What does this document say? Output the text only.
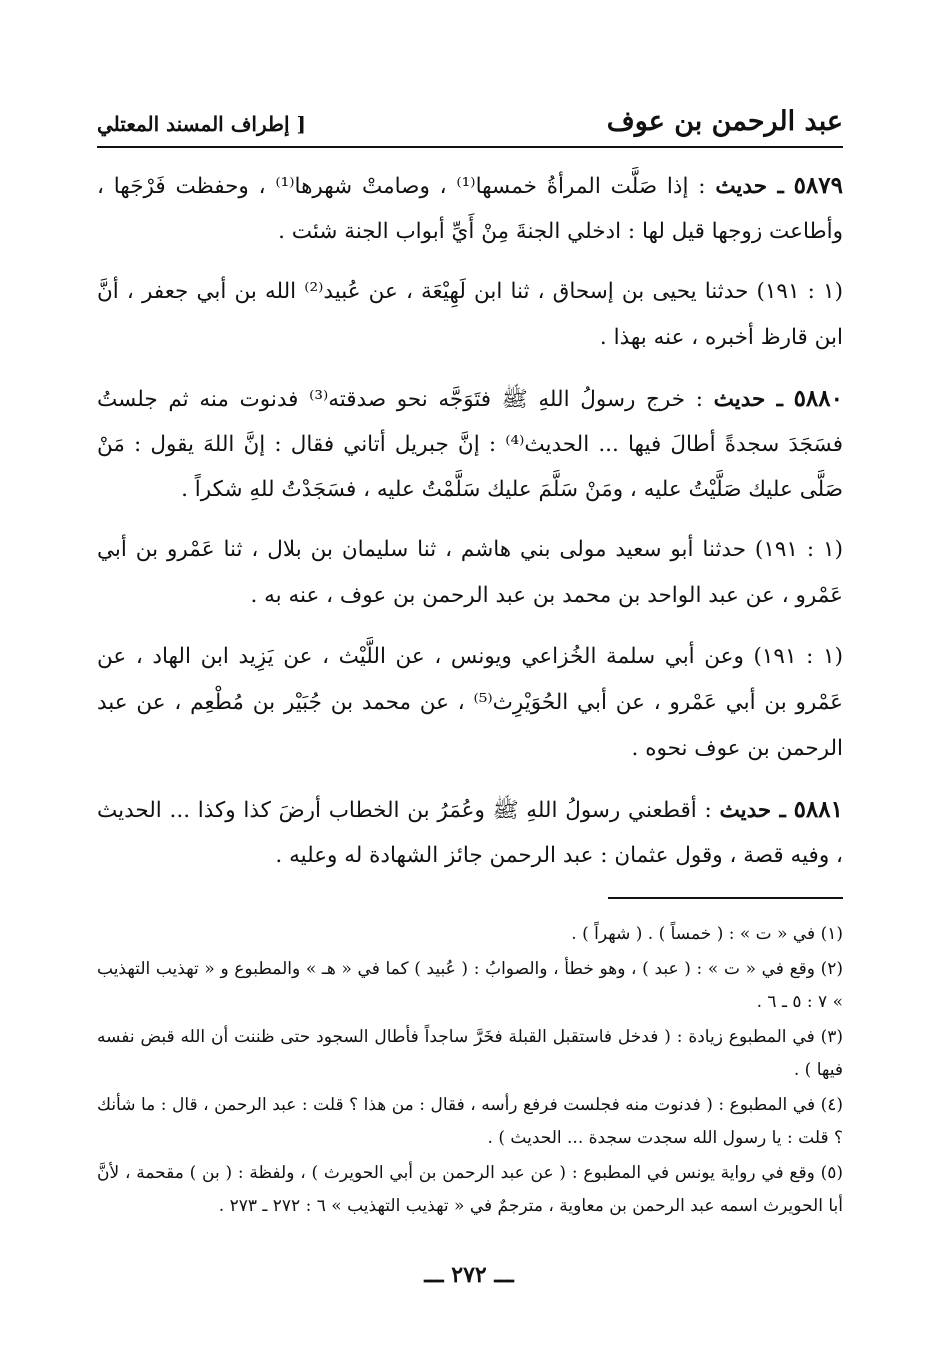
عبد الرحمن بن عوف
[ إطراف المسند المعتلي

٥٨٧٩ ـ حديث : إذا صَلَّت المرأةُ خمسها⁽¹⁾ ، وصامتْ شهرها⁽¹⁾ ، وحفظت فَرْجَها ، وأطاعت زوجها قيل لها : ادخلي الجنةَ مِنْ أَيِّ أبواب الجنة شئت .

(١ : ١٩١) حدثنا يحيى بن إسحاق ، ثنا ابن لَهِيْعَة ، عن عُبيد⁽²⁾ الله بن أبي جعفر ، أنَّ ابن قارظ أخبره ، عنه بهذا .

٥٨٨٠ ـ حديث : خرج رسولُ اللهِ ﷺ فتَوَجَّه نحو صدقته⁽³⁾ فدنوت منه ثم جلستُ فسَجَدَ سجدةً أطالَ فيها ... الحديث⁽⁴⁾ : إنَّ جبريل أتاني فقال : إنَّ اللهَ يقول : مَنْ صَلَّى عليك صَلَّيْتُ عليه ، ومَنْ سَلَّمَ عليك سَلَّمْتُ عليه ، فسَجَدْتُ للهِ شكراً .

(١ : ١٩١) حدثنا أبو سعيد مولى بني هاشم ، ثنا سليمان بن بلال ، ثنا عَمْرو بن أبي عَمْرو ، عن عبد الواحد بن محمد بن عبد الرحمن بن عوف ، عنه به .

(١ : ١٩١) وعن أبي سلمة الخُزاعي ويونس ، عن اللَّيْث ، عن يَزِيد ابن الهاد ، عن عَمْرو بن أبي عَمْرو ، عن أبي الحُوَيْرِث⁽⁵⁾ ، عن محمد بن جُبَيْر بن مُطْعِم ، عن عبد الرحمن بن عوف نحوه .

٥٨٨١ ـ حديث : أقطعني رسولُ اللهِ ﷺ وعُمَرُ بن الخطاب أرضَ كذا وكذا ... الحديث ، وفيه قصة ، وقول عثمان : عبد الرحمن جائز الشهادة له وعليه .

(١) في « ت » : ( خمساً ) . ( شهراً ) .

(٢) وقع في « ت » : ( عبد ) ، وهو خطأ ، والصوابُ : ( عُبيد ) كما في « هـ » والمطبوع و « تهذيب التهذيب » ٧ : ٥ ـ ٦ .

(٣) في المطبوع زيادة : ( فدخل فاستقبل القبلة فخَرَّ ساجداً فأطال السجود حتى ظننت أن الله قبض نفسه فيها ) .

(٤) في المطبوع : ( فدنوت منه فجلست فرفع رأسه ، فقال : من هذا ؟ قلت : عبد الرحمن ، قال : ما شأنك ؟ قلت : يا رسول الله سجدت سجدة ... الحديث ) .

(٥) وقع في رواية يونس في المطبوع : ( عن عبد الرحمن بن أبي الحويرث ) ، ولفظة : ( بن ) مقحمة ، لأنَّ أبا الحويرث اسمه عبد الرحمن بن معاوية ، مترجمٌ في « تهذيب التهذيب » ٦ : ٢٧٢ ـ ٢٧٣ .

ـــ ٢٧٢ ـــ
